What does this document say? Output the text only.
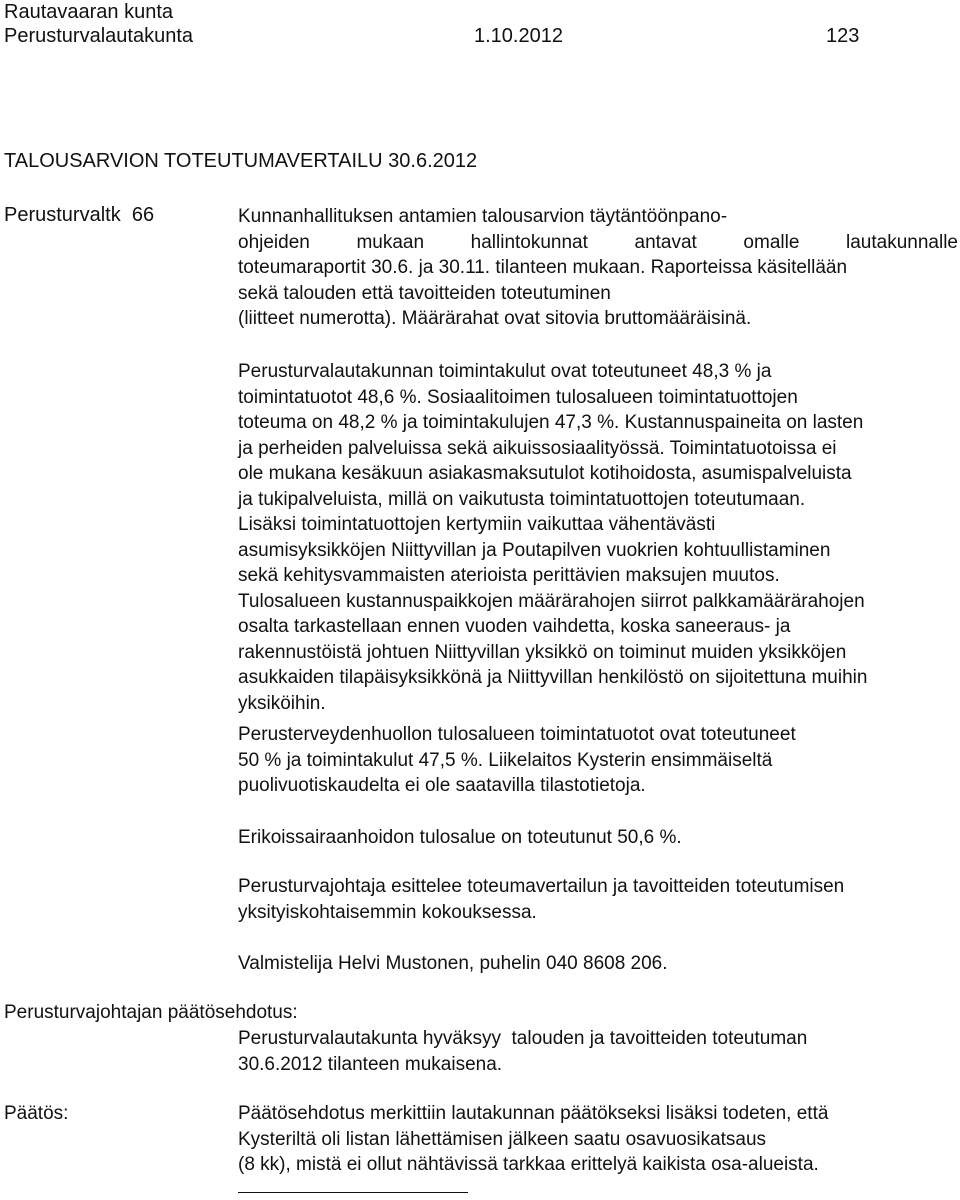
Rautavaaran kunta
Perusturvalautakunta	1.10.2012	123
TALOUSARVION TOTEUTUMAVERTAILU 30.6.2012
Perusturvaltk  66	Kunnanhallituksen antamien talousarvion täytäntöönpano-
ohjeiden mukaan hallintokunnat antavat omalle lautakunnalle
toteumaraportit 30.6. ja 30.11. tilanteen mukaan. Raporteissa käsitellään
sekä talouden että tavoitteiden toteutuminen
(liitteet numerotta). Määrärahat ovat sitovia bruttomääräisinä.
Perusturvalautakunnan toimintakulut ovat toteutuneet 48,3 % ja
toimintatuotot 48,6 %. Sosiaalitoimen tulosalueen toimintatuottojen
toteuma on 48,2 % ja toimintakulujen 47,3 %. Kustannuspaineita on lasten
ja perheiden palveluissa sekä aikuissosiaalityössä. Toimintatuotoissa ei
ole mukana kesäkuun asiakasmaksutulot kotihoidosta, asumispalveluista
ja tukipalveluista, millä on vaikutusta toimintatuottojen toteutumaan.
Lisäksi toimintatuottojen kertymiin vaikuttaa vähentävästi
asumisyksikköjen Niittyvillan ja Poutapilven vuokrien kohtuullistaminen
sekä kehitysvammaisten aterioista perittävien maksujen muutos.
Tulosalueen kustannuspaikkojen määrärahojen siirrot palkkamäärärahojen
osalta tarkastellaan ennen vuoden vaihdetta, koska saneeraus- ja
rakennustöistä johtuen Niittyvillan yksikkö on toiminut muiden yksikköjen
asukkaiden tilapäisyksikkönä ja Niittyvillan henkilöstö on sijoitettuna muihin
yksiköihin.
Perusterveydenhuollon tulosalueen toimintatuotot ovat toteutuneet
50 % ja toimintakulut 47,5 %. Liikelaitos Kysterin ensimmäiseltä
puolivuotiskaudelta ei ole saatavilla tilastotietoja.
Erikoissairaanhoidon tulosalue on toteutunut 50,6 %.
Perusturvajohtaja esittelee toteumavertailun ja tavoitteiden toteutumisen
yksityiskohtaisemmin kokouksessa.
Valmistelija Helvi Mustonen, puhelin 040 8608 206.
Perusturvajohtajan päätösehdotus:
Perusturvalautakunta hyväksyy  talouden ja tavoitteiden toteutuman
30.6.2012 tilanteen mukaisena.
Päätös:	Päätösehdotus merkittiin lautakunnan päätökseksi lisäksi todeten, että
Kysteriltä oli listan lähettämisen jälkeen saatu osavuosikatsaus
(8 kk), mistä ei ollut nähtävissä tarkkaa erittelyä kaikista osa-alueista.
